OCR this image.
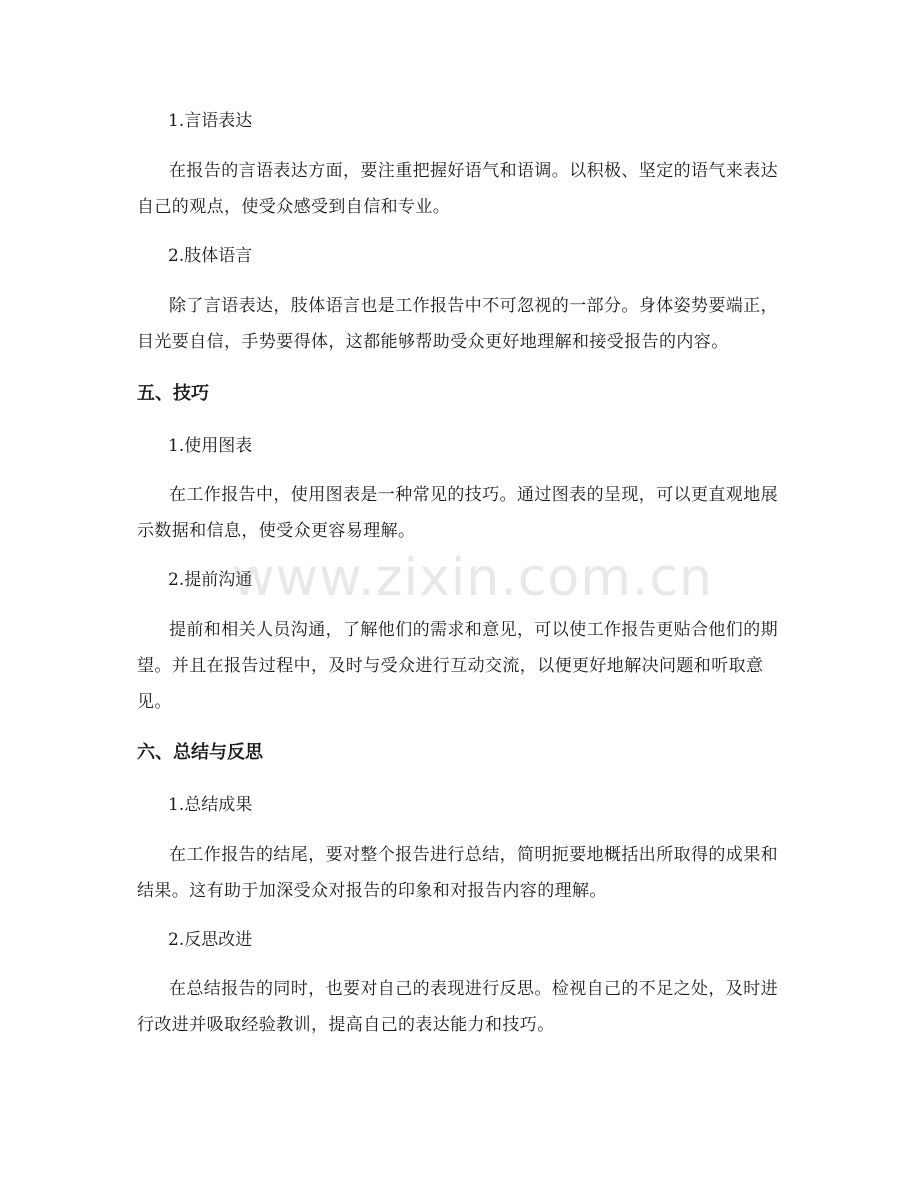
1.言语表达

在报告的言语表达方面，要注重把握好语气和语调。以积极、坚定的语气来表达自己的观点，使受众感受到自信和专业。

2.肢体语言

除了言语表达，肢体语言也是工作报告中不可忽视的一部分。身体姿势要端正，目光要自信，手势要得体，这都能够帮助受众更好地理解和接受报告的内容。

五、技巧

1.使用图表

在工作报告中，使用图表是一种常见的技巧。通过图表的呈现，可以更直观地展示数据和信息，使受众更容易理解。

2.提前沟通

提前和相关人员沟通，了解他们的需求和意见，可以使工作报告更贴合他们的期望。并且在报告过程中，及时与受众进行互动交流，以便更好地解决问题和听取意见。

六、总结与反思

1.总结成果

在工作报告的结尾，要对整个报告进行总结，简明扼要地概括出所取得的成果和结果。这有助于加深受众对报告的印象和对报告内容的理解。

2.反思改进

在总结报告的同时，也要对自己的表现进行反思。检视自己的不足之处，及时进行改进并吸取经验教训，提高自己的表达能力和技巧。

www.zixin.com.cn
